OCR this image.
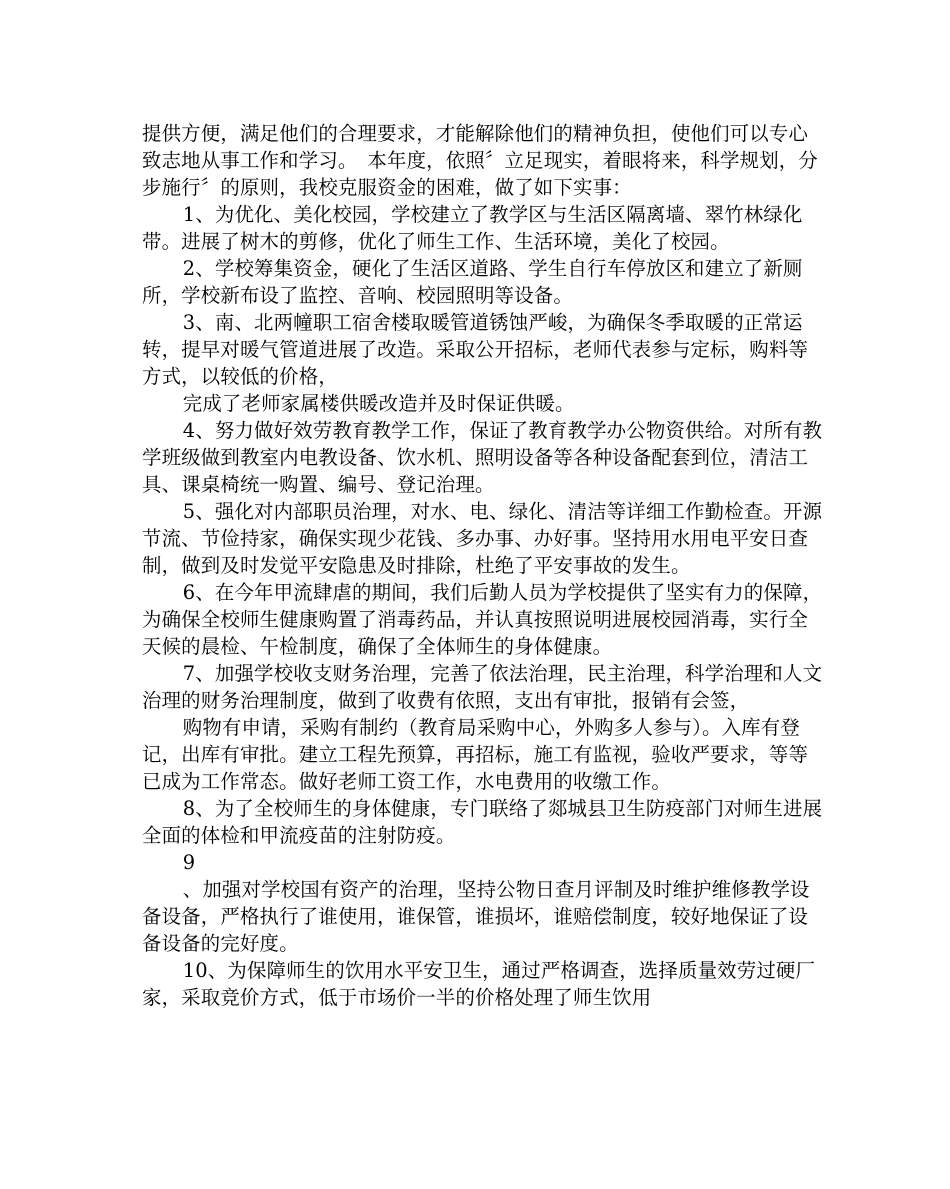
提供方便，满足他们的合理要求，才能解除他们的精神负担，使他们可以专心致志地从事工作和学习。　本年度，依照〞立足现实，着眼将来，科学规划，分步施行〞的原则，我校克服资金的困难，做了如下实事：

1、为优化、美化校园，学校建立了教学区与生活区隔离墙、翠竹林绿化带。进展了树木的剪修，优化了师生工作、生活环境，美化了校园。

2、学校筹集资金，硬化了生活区道路、学生自行车停放区和建立了新厕所，学校新布设了监控、音响、校园照明等设备。

3、南、北两幢职工宿舍楼取暖管道锈蚀严峻，为确保冬季取暖的正常运转，提早对暖气管道进展了改造。采取公开招标，老师代表参与定标，购料等方式，以较低的价格，

完成了老师家属楼供暖改造并及时保证供暖。

4、努力做好效劳教育教学工作，保证了教育教学办公物资供给。对所有教学班级做到教室内电教设备、饮水机、照明设备等各种设备配套到位，清洁工具、课桌椅统一购置、编号、登记治理。

5、强化对内部职员治理，对水、电、绿化、清洁等详细工作勤检查。开源节流、节俭持家，确保实现少花钱、多办事、办好事。坚持用水用电平安日查制，做到及时发觉平安隐患及时排除，杜绝了平安事故的发生。

6、在今年甲流肆虐的期间，我们后勤人员为学校提供了坚实有力的保障，为确保全校师生健康购置了消毒药品，并认真按照说明进展校园消毒，实行全天候的晨检、午检制度，确保了全体师生的身体健康。

7、加强学校收支财务治理，完善了依法治理，民主治理，科学治理和人文治理的财务治理制度，做到了收费有依照，支出有审批，报销有会签，

购物有申请，采购有制约（教育局采购中心，外购多人参与）。入库有登记，出库有审批。建立工程先预算，再招标，施工有监视，验收严要求，等等已成为工作常态。做好老师工资工作，水电费用的收缴工作。

8、为了全校师生的身体健康，专门联络了郯城县卫生防疫部门对师生进展全面的体检和甲流疫苗的注射防疫。

9

、加强对学校国有资产的治理，坚持公物日查月评制及时维护维修教学设备设备，严格执行了谁使用，谁保管，谁损坏，谁赔偿制度，较好地保证了设备设备的完好度。

10、为保障师生的饮用水平安卫生，通过严格调查，选择质量效劳过硬厂家，采取竞价方式，低于市场价一半的价格处理了师生饮用
